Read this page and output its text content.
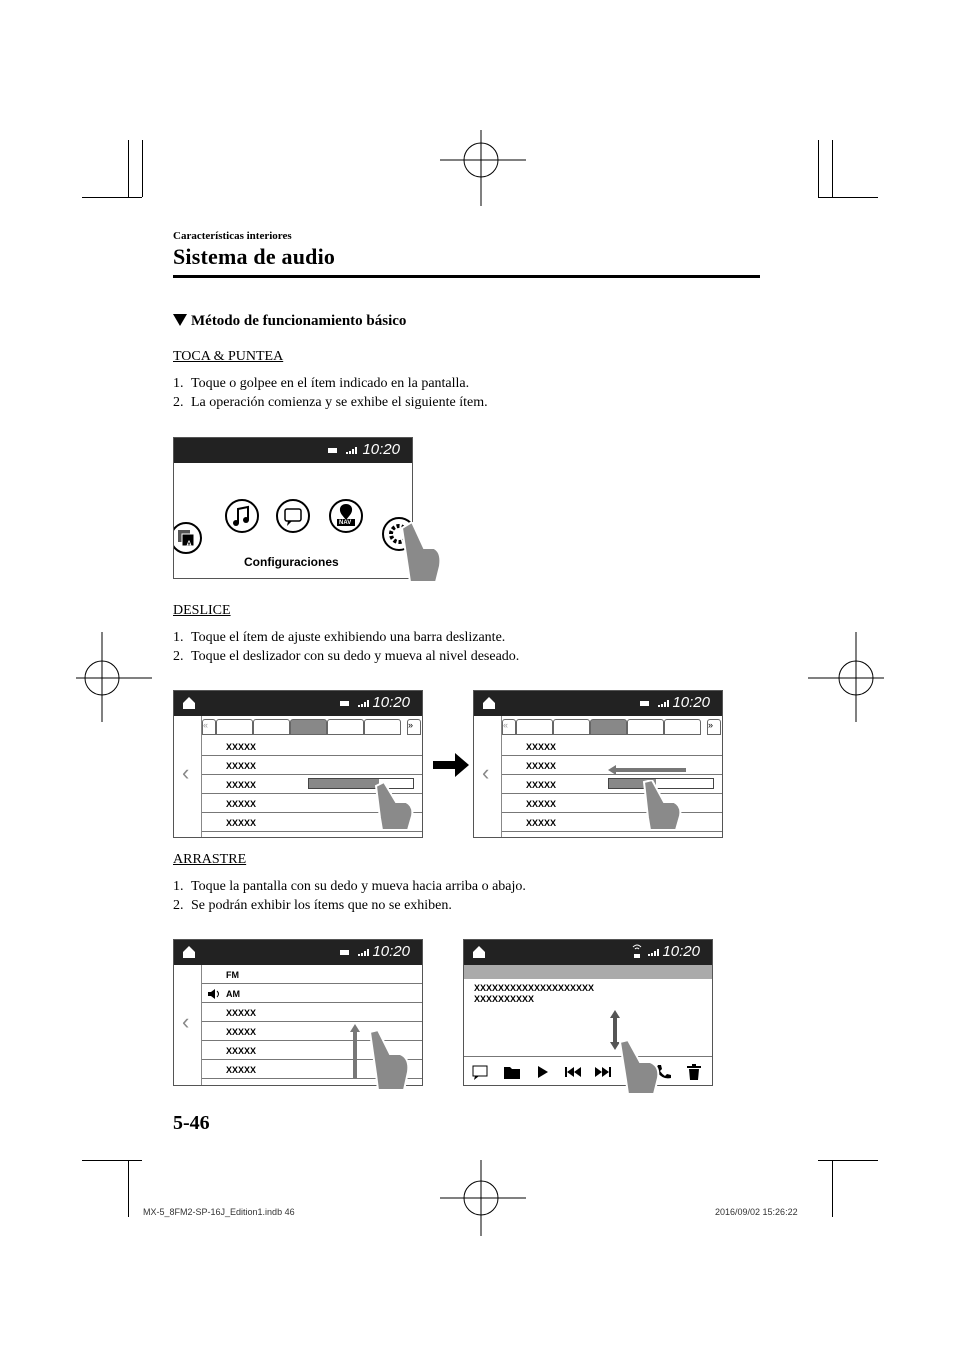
Características interiores
Sistema de audio
Método de funcionamiento básico
TOCA & PUNTEA
1. Toque o golpee en el ítem indicado en la pantalla.
2. La operación comienza y se exhibe el siguiente ítem.
10:20
A
NAV
Configuraciones
DESLICE
1. Toque el ítem de ajuste exhibiendo una barra deslizante.
2. Toque el deslizador con su dedo y mueva al nivel deseado.
10:20
«	»
‹
XXXXX
XXXXX
XXXXX
XXXXX
XXXXX
10:20
«	»
‹
XXXXX
XXXXX
XXXXX
XXXXX
XXXXX
ARRASTRE
1. Toque la pantalla con su dedo y mueva hacia arriba o abajo.
2. Se podrán exhibir los ítems que no se exhiben.
10:20
‹
FM
AM
XXXXX
XXXXX
XXXXX
XXXXX
10:20
XXXXXXXXXXXXXXXXXXXX
XXXXXXXXXX
5-46
MX-5_8FM2-SP-16J_Edition1.indb 46	2016/09/02 15:26:22
